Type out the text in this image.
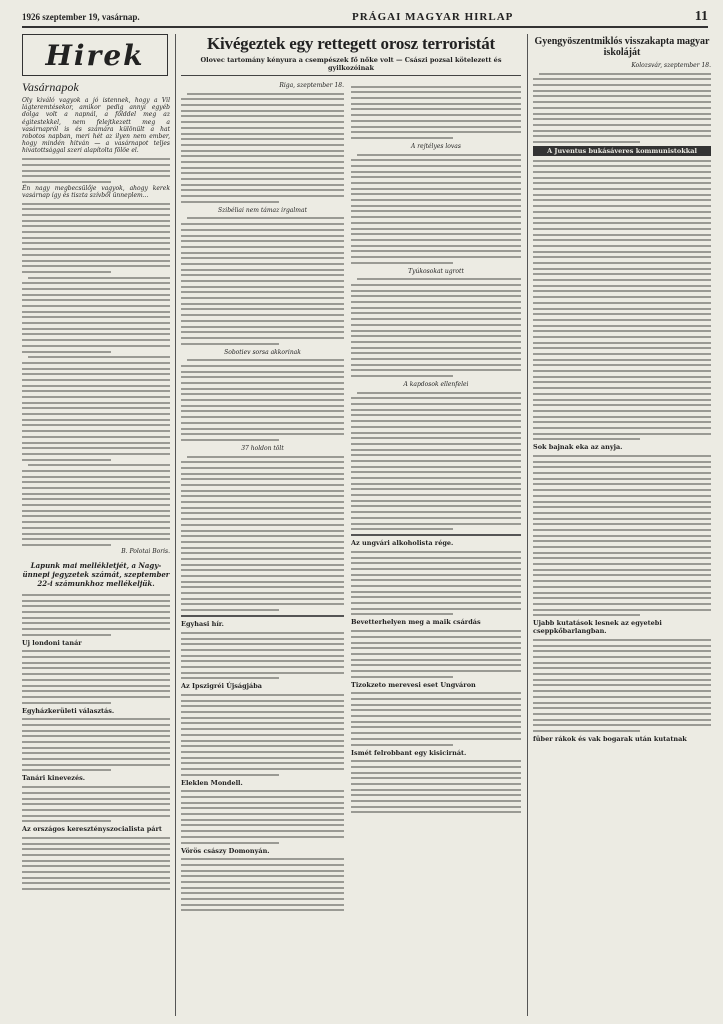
1926 szeptember 19, vasárnap.	PRÁGAI MAGYAR HIRLAP	11
Hirek
Vasárnapok

Oly kiváló vagyok a jó istennek, hogy a Vil lágteremtésekor, amikor pedig annyi egyéb dolga volt a napnál, a földdel meg az égitestekkel, nem felejtkezett meg a vasárnapról is és számára különült a hat robotos napban, meri hét az ilyen nem ember, hogy mindén hitván — a vasárnapot teljes hivatottsággal szeri alapítolta fölöe el.

Én nagy megbecsülője vagyok, ahogy kerek vasárnap így és tiszta szívből ünneplem...

B. Polotai Boris.
Lapunk mai mellékletjét, a Nagy-ünnepi jegyzetek számát, szeptember 22-i számunkhoz mellékeljük.
Uj londoni tanár
Egyházkerületi választás.
Tanári kinevezés.
Az országos keresztényszocialista párt
Kivégeztek egy rettegett orosz terroristát
Olovec tartomány kényura a csempészek fő nőke volt — Császi pozsal kötelezett és gyilkozóinak
Riga, szeptember 18.
Szibéliai nem támaz irgalmat
Sobotiev sorsa akkorinak
37 holdon tölt
Egyhasi hír.
Az Ipszigréi Újságjába
Eleklen Mondell.
Vörös császy Domonyán.
A rejtélyes lovas
Tyúkosokat ugrott
A kapdosok ellenfelei
Az ungvári alkoholista rége.
Bevetterhelyen meg a maik csárdás
Tizokzeto merevesi eset Ungváron
Ismét felrobbant egy kisicirnát.
Gyengyöszentmiklós visszakapta magyar iskoláját
Kolozsvár, szeptember 18.
A Juventus bukásáveres kommunistokkal
Sok bajnak eka az anyja.
Ujabb kutatások lesnek az egyetebi cseppkőbarlangban.
füber rákok és vak bogarak után kutatnak
